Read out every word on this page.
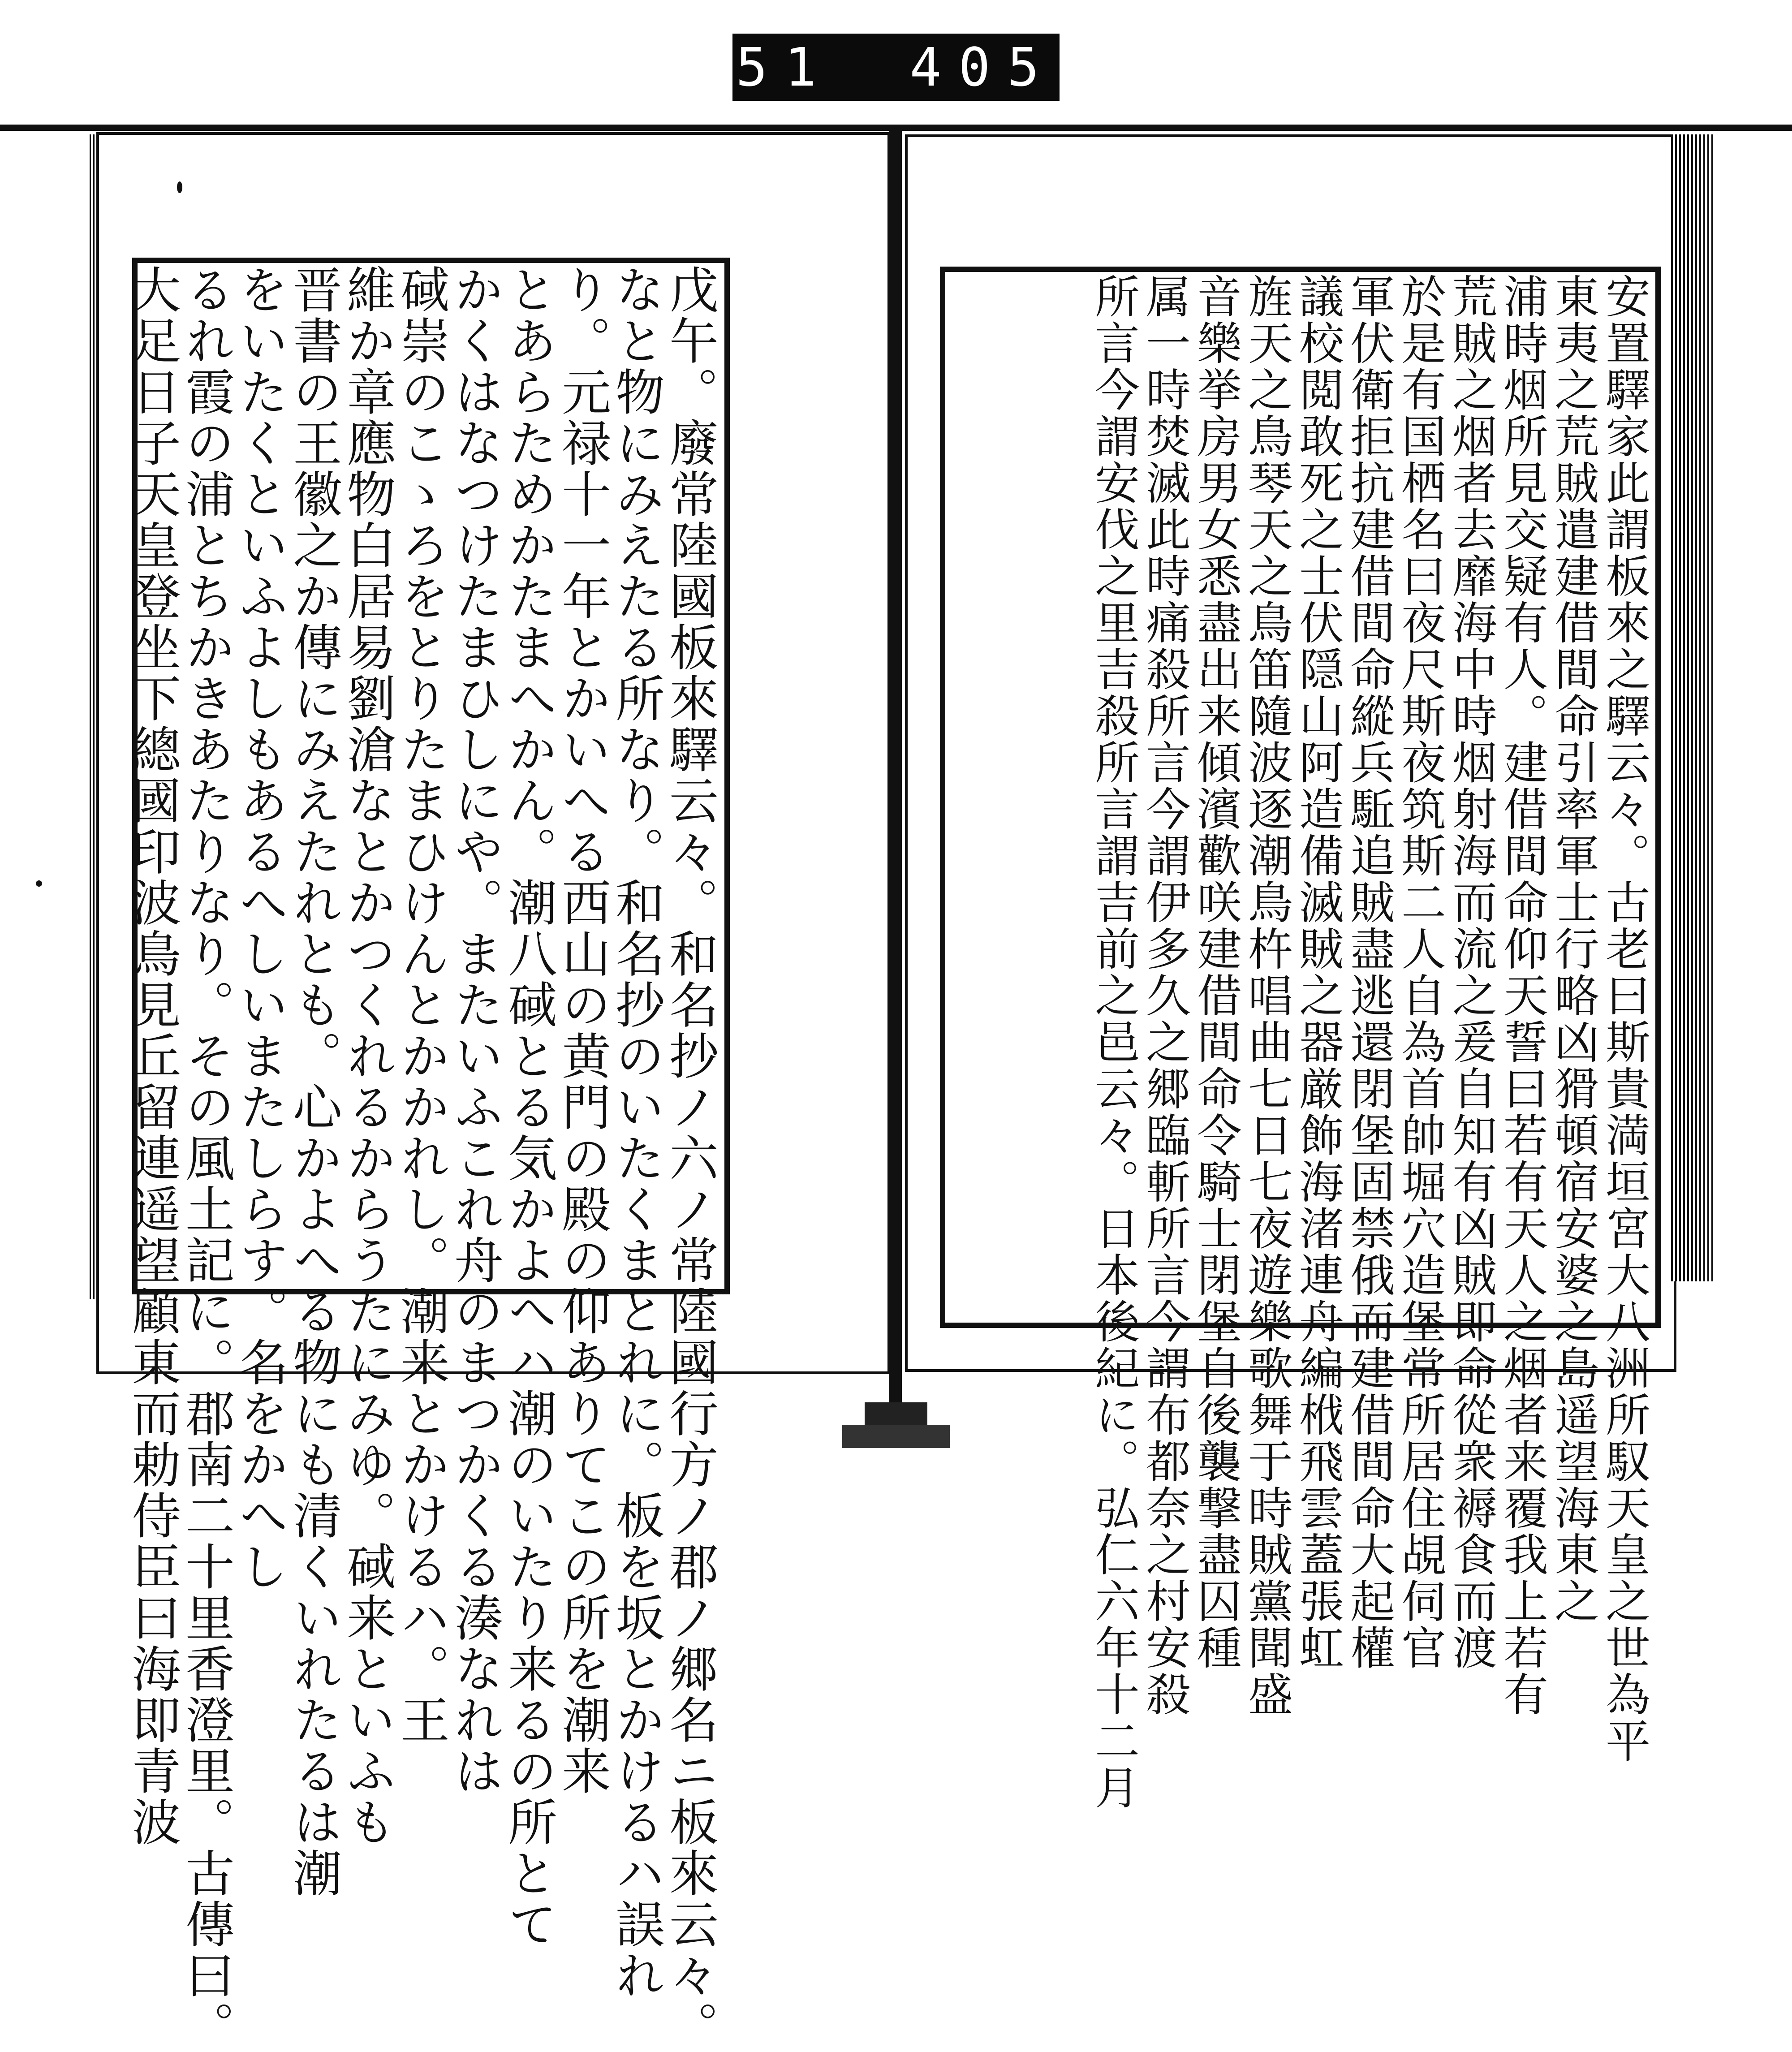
451 405.
戊午。廢常陸國板來驛云々。和名抄ノ六ノ常陸國行方ノ郡ノ郷名ニ板來云々。
なと物にみえたる所なり。和名抄のいたくまとれに。板を坂とかけるハ誤れ
り。元禄十一年とかいへる西山の黄門の殿の仰ありてこの所を潮来
とあらためかたまへかん。潮八䂸とる気かよへハ潮のいたり来るの所とて
かくはなつけたまひしにや。またいふこれ舟のまつかくる湊なれは
䂸崇のこゝろをとりたまひけんとかかれし。潮来とかけるハ。王
維か章應物白居易劉滄なとかつくれるからうたにみゆ。䂸来といふも
晋書の王徽之か傳にみえたれとも。心かよへる物にも清くいれたるは潮
をいたくといふよしもあるへしいまたしらす。名をかへし
るれ霞の浦とちかきあたりなり。その風土記に。郡南二十里香澄里。古傳曰。
大足日子天皇登坐下總國印波鳥見丘留連遥望顧東而勅侍臣曰海即青波	安置驛家此謂板來之驛云々。古老曰斯貴満垣宮大八洲所馭天皇之世為平
東夷之荒賊遣建借間命引率軍士行略凶猾頓宿安婆之島遥望海東之
浦時烟所見交疑有人。建借間命仰天誓曰若有天人之烟者来覆我上若有
荒賊之烟者去靡海中時烟射海而流之爰自知有凶賊即命從衆褥食而渡
於是有国栖名曰夜尺斯夜筑斯二人自為首帥堀穴造堡常所居住覘伺官
軍伏衛拒抗建借間命縱兵駈追賊盡逃還閉堡固禁俄而建借間命大起權
議校閲敢死之士伏隠山阿造備滅賊之器厳飾海渚連舟編栰飛雲蓋張虹
旌天之鳥琴天之鳥笛隨波逐潮鳥杵唱曲七日七夜遊樂歌舞于時賊黨聞盛
音樂挙房男女悉盡出来傾濱歡咲建借間命令騎士閉堡自後襲撃盡囚種
属一時焚滅此時痛殺所言今謂伊多久之郷臨斬所言今謂布都奈之村安殺
所言今謂安伐之里吉殺所言謂吉前之邑云々。日本後紀に。弘仁六年十二月
